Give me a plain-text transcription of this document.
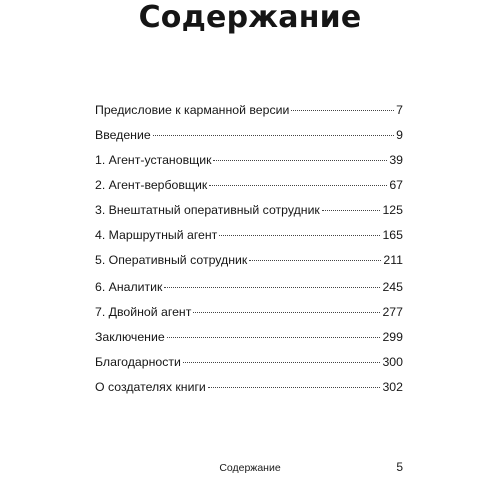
Содержание
Предисловие к карманной версии	7
Введение	9
1. Агент-установщик	39
2. Агент-вербовщик	67
3. Внештатный оперативный сотрудник	125
4. Маршрутный агент	165
5. Оперативный сотрудник	211
6. Аналитик	245
7. Двойной агент	277
Заключение	299
Благодарности	300
О создателях книги	302
Содержание	5
